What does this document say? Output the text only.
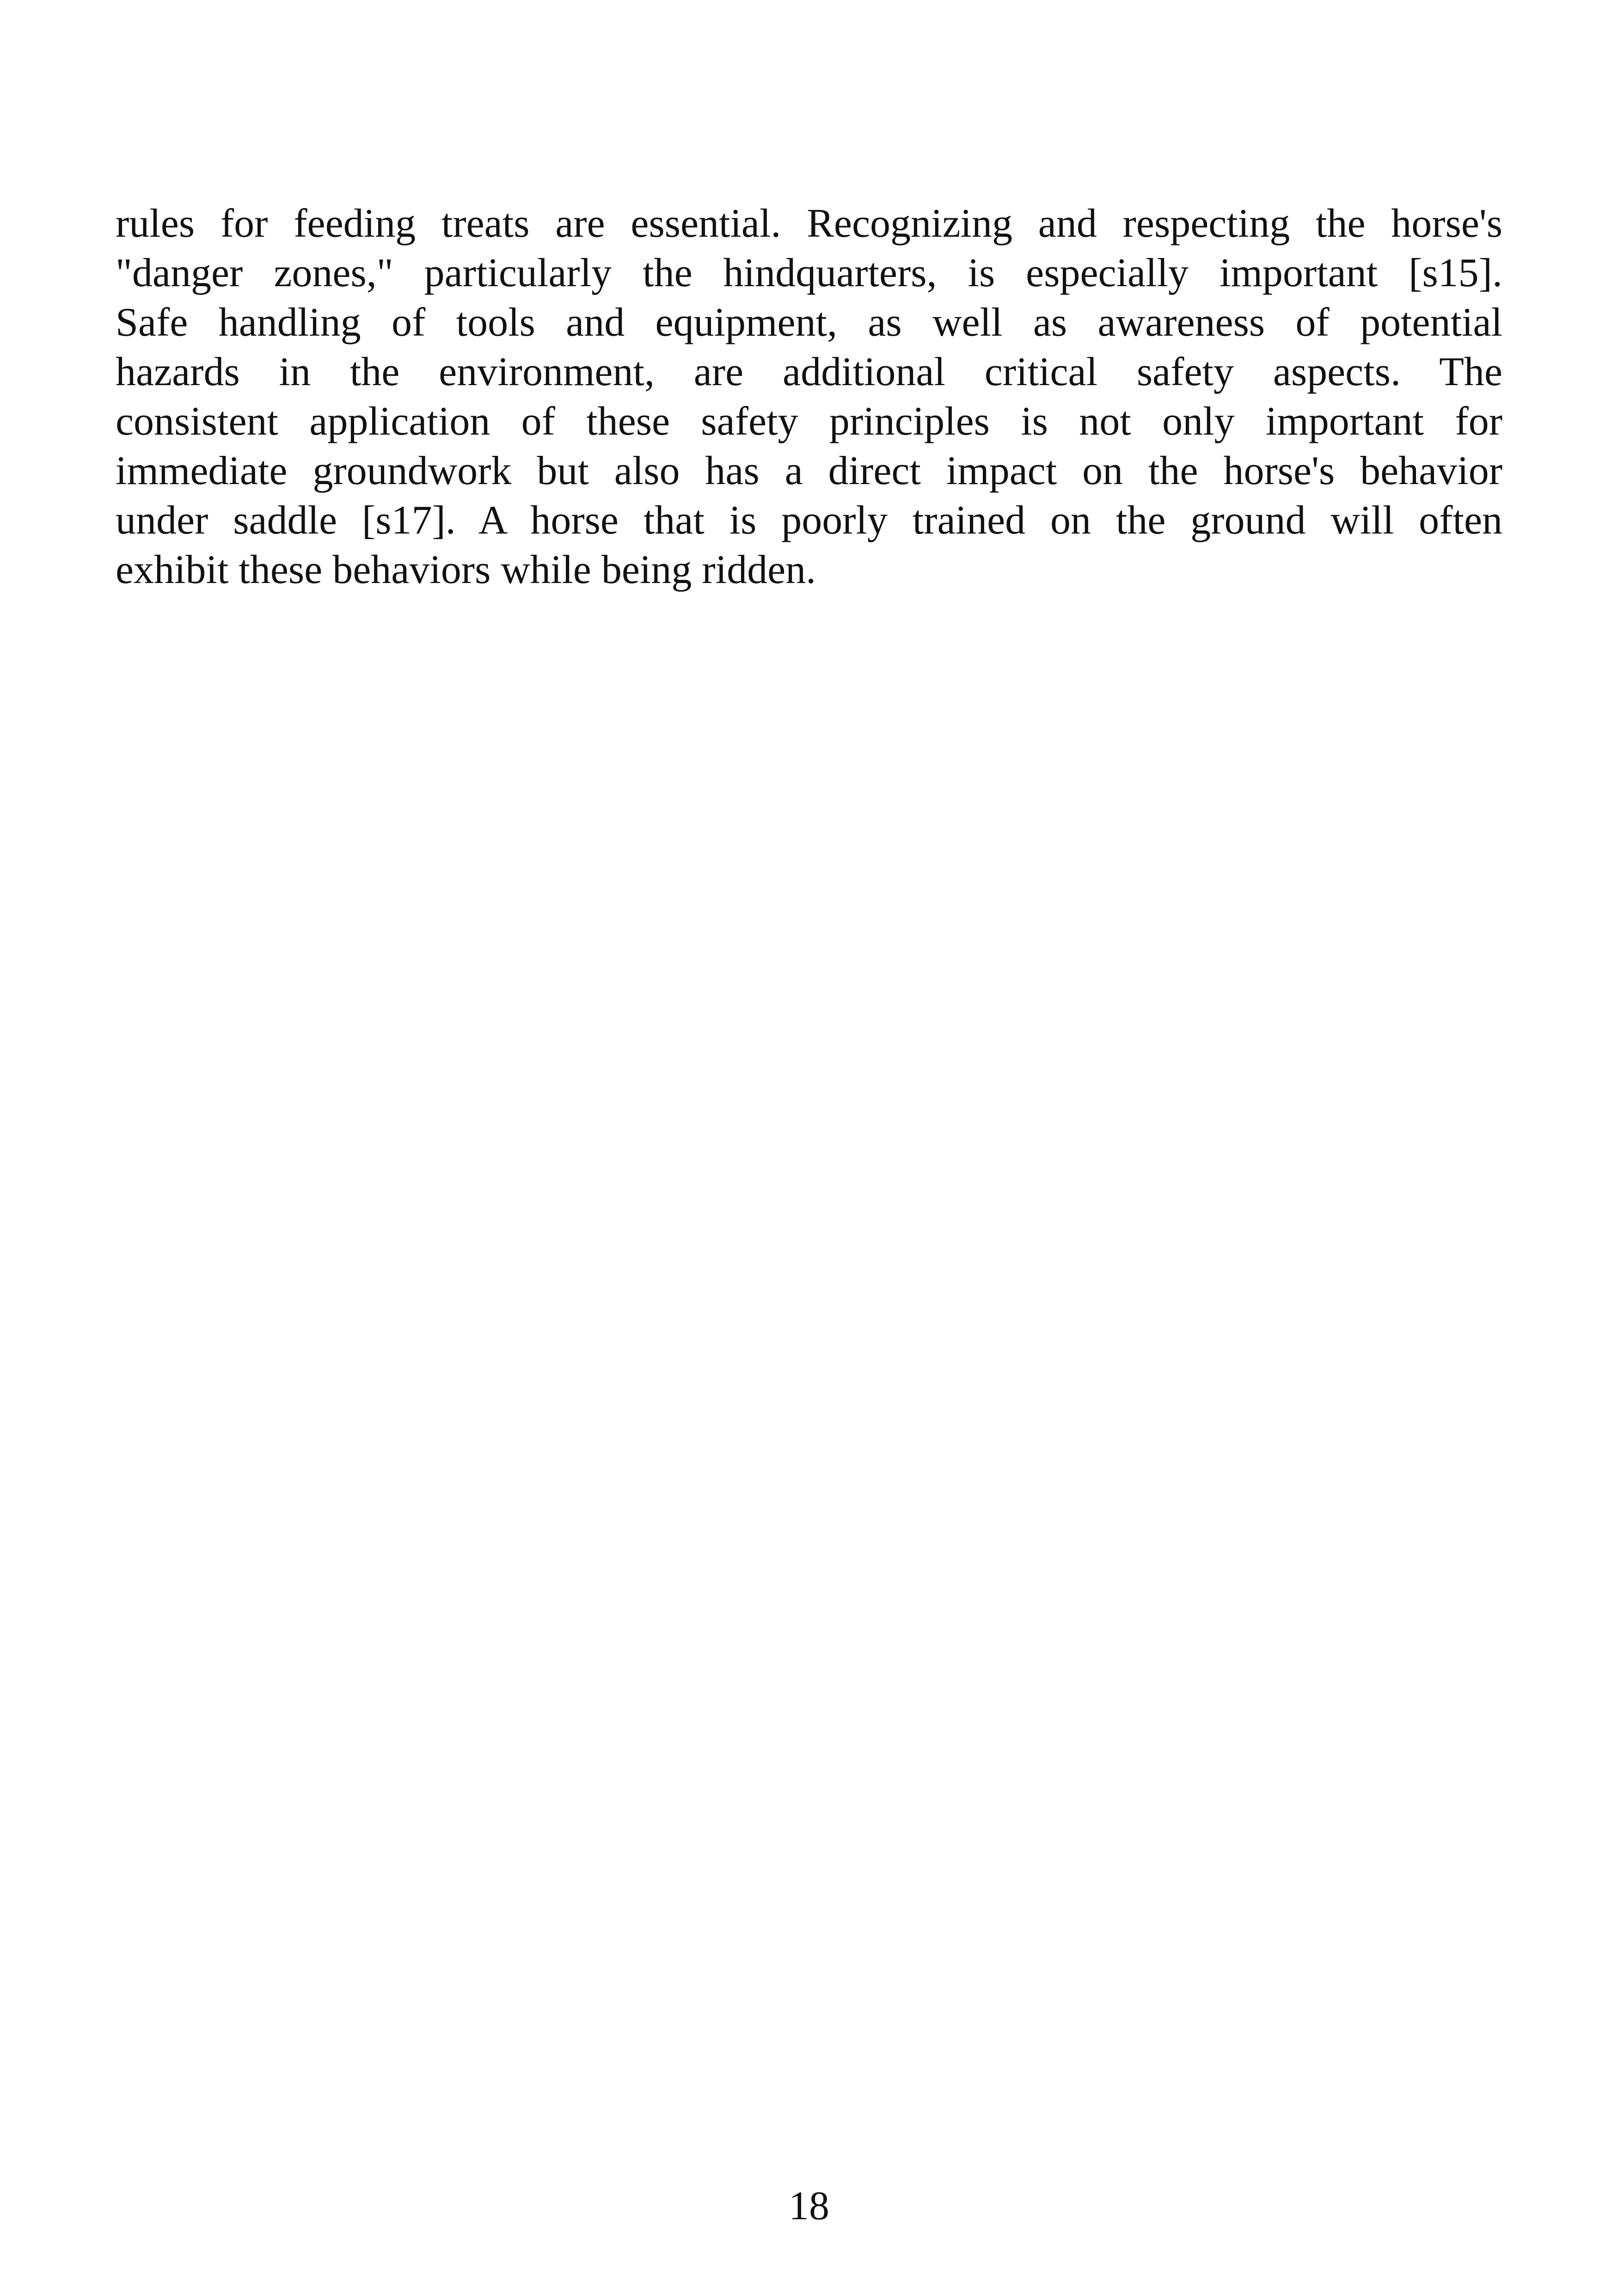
rules for feeding treats are essential. Recognizing and respecting the horse's
"danger zones," particularly the hindquarters, is especially important [s15].
Safe handling of tools and equipment, as well as awareness of potential
hazards in the environment, are additional critical safety aspects. The
consistent application of these safety principles is not only important for
immediate groundwork but also has a direct impact on the horse's behavior
under saddle [s17]. A horse that is poorly trained on the ground will often
exhibit these behaviors while being ridden.

18
